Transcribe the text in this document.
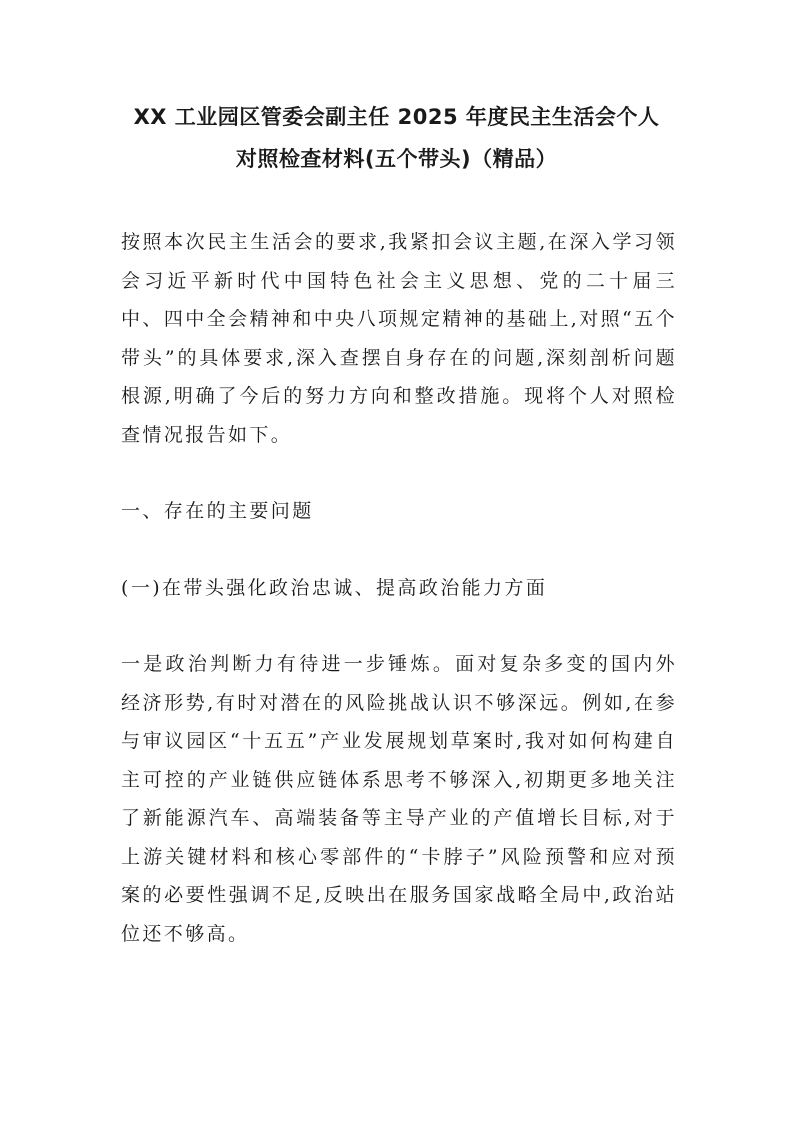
XX 工业园区管委会副主任 2025 年度民主生活会个人
对照检查材料(五个带头)（精品）

按照本次民主生活会的要求,我紧扣会议主题,在深入学习领会习近平新时代中国特色社会主义思想、党的二十届三中、四中全会精神和中央八项规定精神的基础上,对照“五个带头”的具体要求,深入查摆自身存在的问题,深刻剖析问题根源,明确了今后的努力方向和整改措施。现将个人对照检查情况报告如下。

一、存在的主要问题

(一)在带头强化政治忠诚、提高政治能力方面

一是政治判断力有待进一步锤炼。面对复杂多变的国内外经济形势,有时对潜在的风险挑战认识不够深远。例如,在参与审议园区“十五五”产业发展规划草案时,我对如何构建自主可控的产业链供应链体系思考不够深入,初期更多地关注了新能源汽车、高端装备等主导产业的产值增长目标,对于上游关键材料和核心零部件的“卡脖子”风险预警和应对预案的必要性强调不足,反映出在服务国家战略全局中,政治站位还不够高。
